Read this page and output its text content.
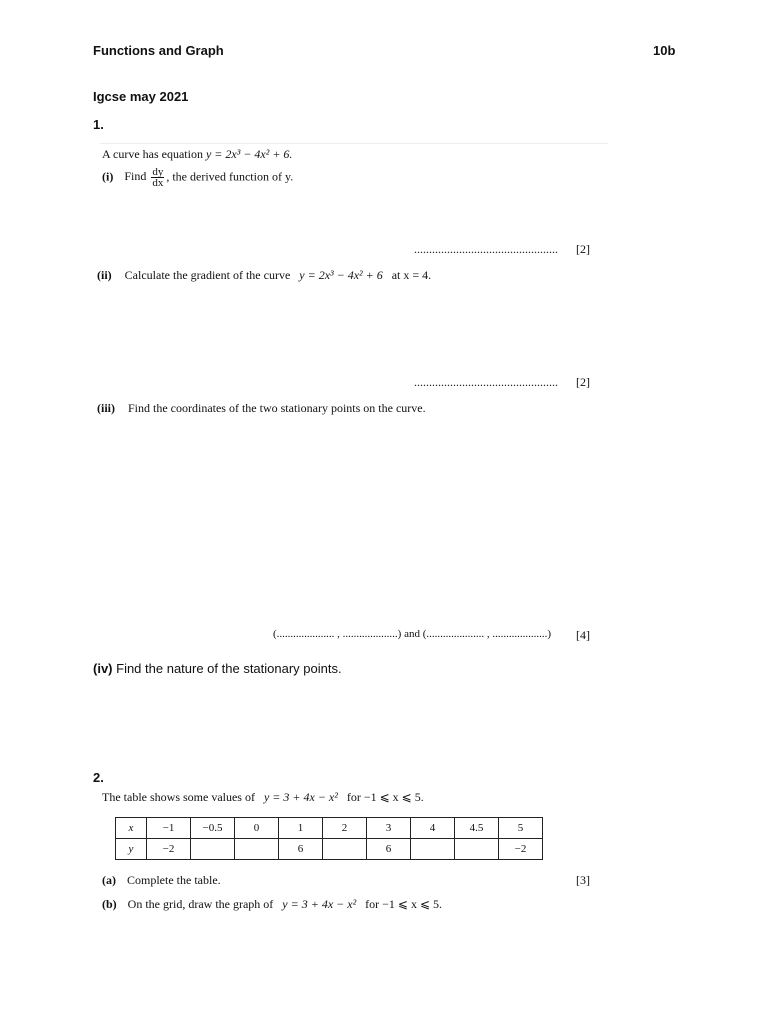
Functions and Graph	10b
Igcse may 2021
1.
A curve has equation y = 2x³ − 4x² + 6.
(i) Find $\frac{dy}{dx}$ , the derived function of y.
................................................ [2]
(ii) Calculate the gradient of the curve y = 2x³ − 4x² + 6 at x = 4.
................................................ [2]
(iii) Find the coordinates of the two stationary points on the curve.
(..................... , ....................) and (..................... , ....................) [4]
(iv) Find the nature of the stationary points.
2.
The table shows some values of y = 3 + 4x − x² for −1 ⩽ x ⩽ 5.
x	−1	−0.5	0	1	2	3	4	4.5	5
y	−2			6		6			−2
(a) Complete the table.	[3]
(b) On the grid, draw the graph of y = 3 + 4x − x² for −1 ⩽ x ⩽ 5.
